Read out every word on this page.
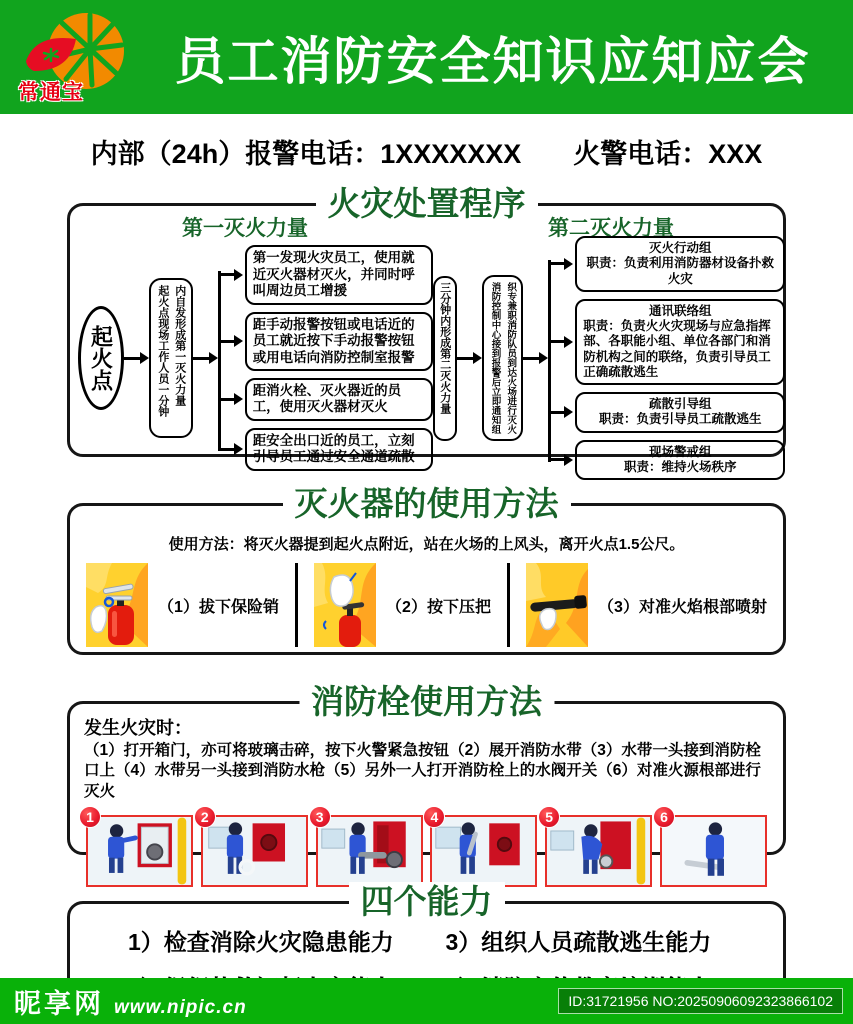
常通宝
员工消防安全知识应知应会
内部（24h）报警电话：1XXXXXXX 火警电话：XXX
火灾处置程序
第一灭火力量	第二灭火力量
起火点	起火点现场工作人员一分钟 内自发形成第一灭火力量
第一发现火灾员工，使用就近灭火器材灭火，并同时呼叫周边员工增援
距手动报警按钮或电话近的员工就近按下手动报警按钮或用电话向消防控制室报警
距消火栓、灭火器近的员工，使用灭火器材灭火
距安全出口近的员工，立刻引导员工通过安全通道疏散
三分钟内形成第二灭火力量	消防控制中心接到报警后立即通知组 织专兼职消防队员到达火场进行灭火
灭火行动组
职责：负责利用消防器材设备扑救火灾
通讯联络组
职责：负责火火灾现场与应急指挥部、各职能小组、单位各部门和消防机构之间的联络，负责引导员工正确疏散逃生
疏散引导组
职责：负责引导员工疏散逃生
现场警戒组
职责：维持火场秩序
灭火器的使用方法
使用方法：将灭火器提到起火点附近，站在火场的上风头，离开火点1.5公尺。
（1）拔下保险销	（2）按下压把	（3）对准火焰根部喷射
消防栓使用方法
发生火灾时：
（1）打开箱门，亦可将玻璃击碎，按下火警紧急按钮（2）展开消防水带（3）水带一头接到消防栓口上（4）水带另一头接到消防水枪（5）另外一人打开消防栓上的水阀开关（6）对准火源根部进行灭火
1	2	3	4	5	6
四个能力
1）检查消除火灾隐患能力	3）组织人员疏散逃生能力
昵享网 www.nipic.cn	ID:31721956 NO:20250906092323866102
